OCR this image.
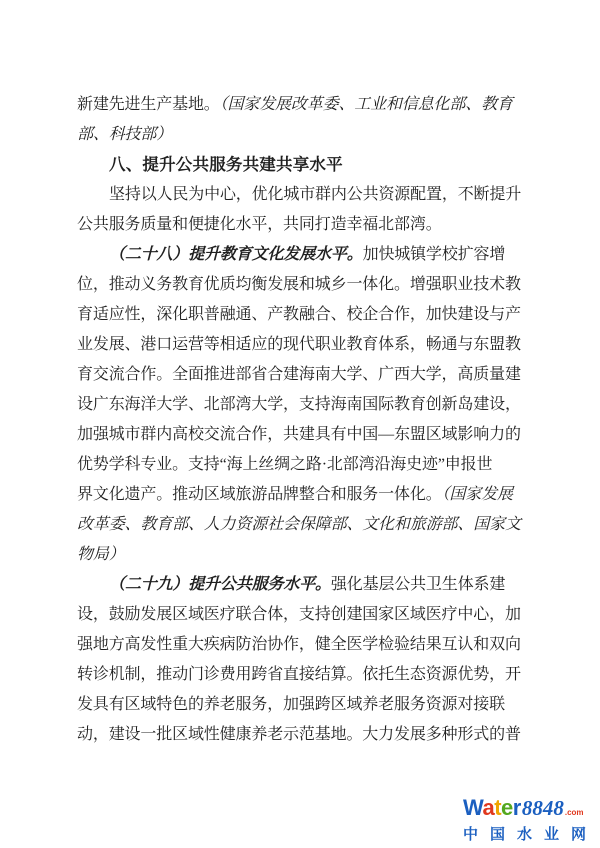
新建先进生产基地。（国家发展改革委、工业和信息化部、教育
部、科技部）
八、提升公共服务共建共享水平
坚持以人民为中心，优化城市群内公共资源配置，不断提升
公共服务质量和便捷化水平，共同打造幸福北部湾。
（二十八）提升教育文化发展水平。加快城镇学校扩容增
位，推动义务教育优质均衡发展和城乡一体化。增强职业技术教
育适应性，深化职普融通、产教融合、校企合作，加快建设与产
业发展、港口运营等相适应的现代职业教育体系，畅通与东盟教
育交流合作。全面推进部省合建海南大学、广西大学，高质量建
设广东海洋大学、北部湾大学，支持海南国际教育创新岛建设，
加强城市群内高校交流合作，共建具有中国—东盟区域影响力的
优势学科专业。支持“海上丝绸之路·北部湾沿海史迹”申报世
界文化遗产。推动区域旅游品牌整合和服务一体化。（国家发展
改革委、教育部、人力资源社会保障部、文化和旅游部、国家文
物局）
（二十九）提升公共服务水平。强化基层公共卫生体系建
设，鼓励发展区域医疗联合体，支持创建国家区域医疗中心，加
强地方高发性重大疾病防治协作，健全医学检验结果互认和双向
转诊机制，推动门诊费用跨省直接结算。依托生态资源优势，开
发具有区域特色的养老服务，加强跨区域养老服务资源对接联
动，建设一批区域性健康养老示范基地。大力发展多种形式的普
Water 8848 .com
中国水业网
